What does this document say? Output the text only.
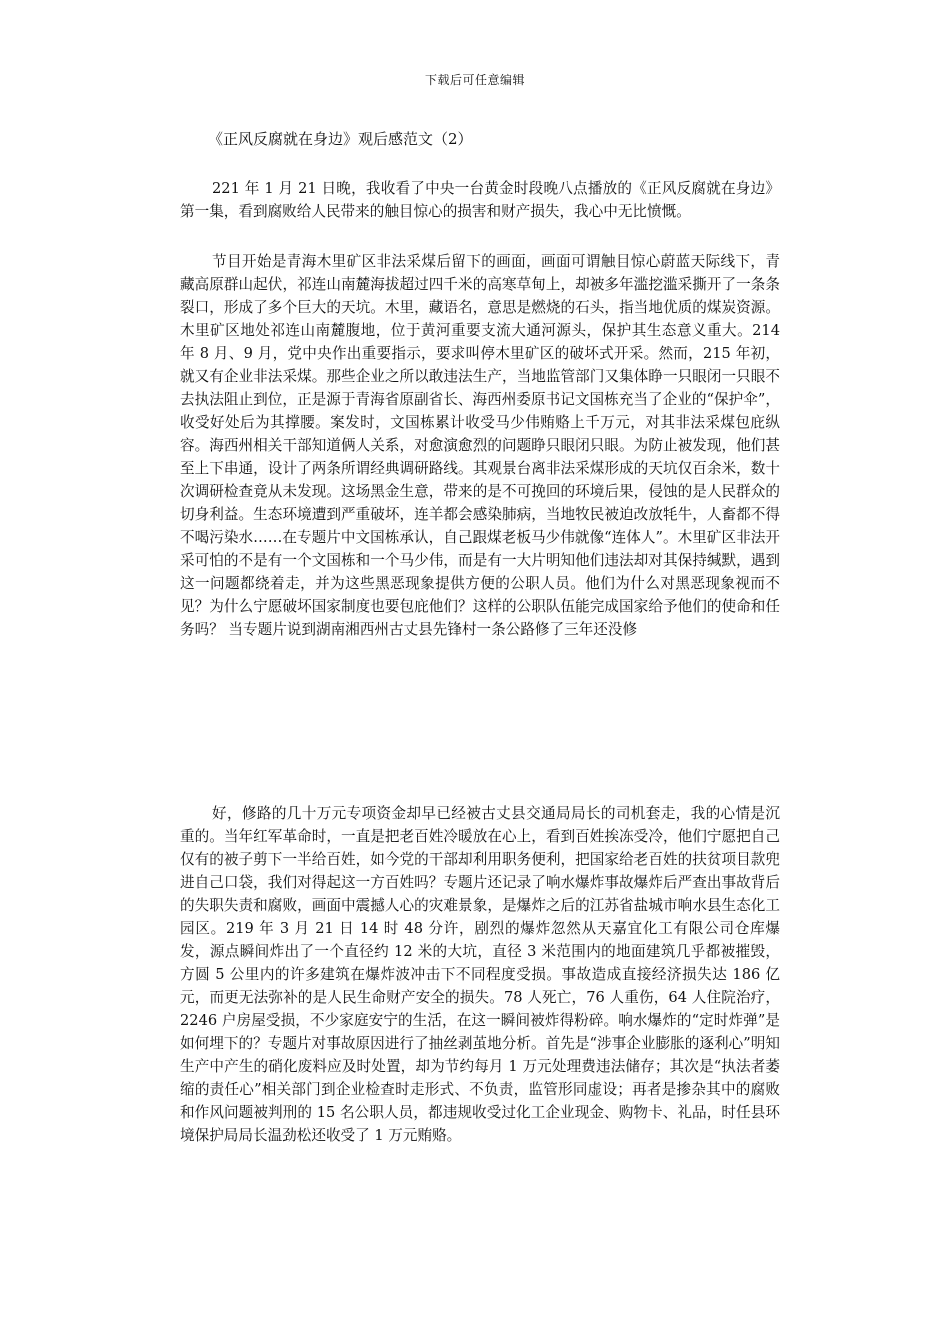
下载后可任意编辑
《正风反腐就在身边》观后感范文（2）

221 年 1 月 21 日晚，我收看了中央一台黄金时段晚八点播放的《正风反腐就在身边》第一集，看到腐败给人民带来的触目惊心的损害和财产损失，我心中无比愤慨。

节目开始是青海木里矿区非法采煤后留下的画面，画面可谓触目惊心蔚蓝天际线下，青藏高原群山起伏，祁连山南麓海拔超过四千米的高寒草甸上，却被多年滥挖滥采撕开了一条条裂口，形成了多个巨大的天坑。木里，藏语名，意思是燃烧的石头，指当地优质的煤炭资源。木里矿区地处祁连山南麓腹地，位于黄河重要支流大通河源头，保护其生态意义重大。214 年 8 月、9 月，党中央作出重要指示，要求叫停木里矿区的破坏式开采。然而，215 年初，就又有企业非法采煤。那些企业之所以敢违法生产，当地监管部门又集体睁一只眼闭一只眼不去执法阻止到位，正是源于青海省原副省长、海西州委原书记文国栋充当了企业的“保护伞”，收受好处后为其撑腰。案发时，文国栋累计收受马少伟贿赂上千万元，对其非法采煤包庇纵容。海西州相关干部知道俩人关系，对愈演愈烈的问题睁只眼闭只眼。为防止被发现，他们甚至上下串通，设计了两条所谓经典调研路线。其观景台离非法采煤形成的天坑仅百余米，数十次调研检查竟从未发现。这场黑金生意，带来的是不可挽回的环境后果，侵蚀的是人民群众的切身利益。生态环境遭到严重破坏，连羊都会感染肺病，当地牧民被迫改放牦牛，人畜都不得不喝污染水……在专题片中文国栋承认，自己跟煤老板马少伟就像“连体人”。木里矿区非法开采可怕的不是有一个文国栋和一个马少伟，而是有一大片明知他们违法却对其保持缄默，遇到这一问题都绕着走，并为这些黑恶现象提供方便的公职人员。他们为什么对黑恶现象视而不见？为什么宁愿破坏国家制度也要包庇他们？这样的公职队伍能完成国家给予他们的使命和任务吗？ 当专题片说到湖南湘西州古丈县先锋村一条公路修了三年还没修

好，修路的几十万元专项资金却早已经被古丈县交通局局长的司机套走，我的心情是沉重的。当年红军革命时，一直是把老百姓冷暖放在心上，看到百姓挨冻受冷，他们宁愿把自己仅有的被子剪下一半给百姓，如今党的干部却利用职务便利，把国家给老百姓的扶贫项目款兜进自己口袋，我们对得起这一方百姓吗？专题片还记录了响水爆炸事故爆炸后严查出事故背后的失职失责和腐败，画面中震撼人心的灾难景象，是爆炸之后的江苏省盐城市响水县生态化工园区。219 年 3 月 21 日 14 时 48 分许，剧烈的爆炸忽然从天嘉宜化工有限公司仓库爆发，源点瞬间炸出了一个直径约 12 米的大坑，直径 3 米范围内的地面建筑几乎都被摧毁，方圆 5 公里内的许多建筑在爆炸波冲击下不同程度受损。事故造成直接经济损失达 186 亿元，而更无法弥补的是人民生命财产安全的损失。78 人死亡，76 人重伤，64 人住院治疗，2246 户房屋受损，不少家庭安宁的生活，在这一瞬间被炸得粉碎。响水爆炸的“定时炸弹”是如何埋下的？专题片对事故原因进行了抽丝剥茧地分析。首先是“涉事企业膨胀的逐利心”明知生产中产生的硝化废料应及时处置，却为节约每月 1 万元处理费违法储存；其次是“执法者萎缩的责任心”相关部门到企业检查时走形式、不负责，监管形同虚设；再者是掺杂其中的腐败和作风问题被判刑的 15 名公职人员，都违规收受过化工企业现金、购物卡、礼品，时任县环境保护局局长温劲松还收受了 1 万元贿赂。
